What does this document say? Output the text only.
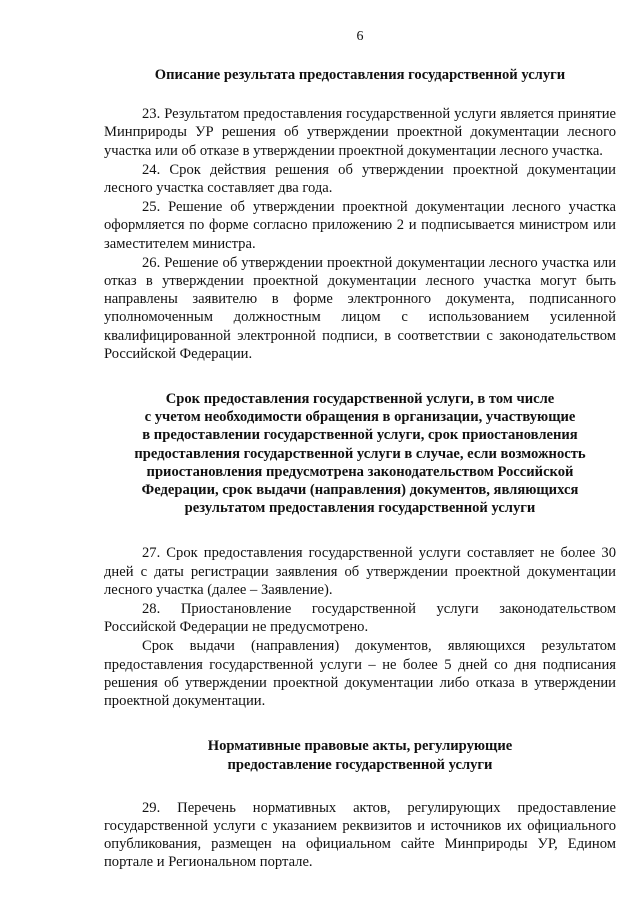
6
Описание результата предоставления государственной услуги

23. Результатом предоставления государственной услуги является принятие Минприроды УР решения об утверждении проектной документации лесного участка или об отказе в утверждении проектной документации лесного участка.

24. Срок действия решения об утверждении проектной документации лесного участка составляет два года.

25. Решение об утверждении проектной документации лесного участка оформляется по форме согласно приложению 2 и подписывается министром или заместителем министра.

26. Решение об утверждении проектной документации лесного участка или отказ в утверждении проектной документации лесного участка могут быть направлены заявителю в форме электронного документа, подписанного уполномоченным должностным лицом с использованием усиленной квалифицированной электронной подписи, в соответствии с законодательством Российской Федерации.

Срок предоставления государственной услуги, в том числе
с учетом необходимости обращения в организации, участвующие
в предоставлении государственной услуги, срок приостановления
предоставления государственной услуги в случае, если возможность
приостановления предусмотрена законодательством Российской
Федерации, срок выдачи (направления) документов, являющихся
результатом предоставления государственной услуги

27. Срок предоставления государственной услуги составляет не более 30 дней с даты регистрации заявления об утверждении проектной документации лесного участка (далее – Заявление).

28. Приостановление государственной услуги законодательством Российской Федерации не предусмотрено.

Срок выдачи (направления) документов, являющихся результатом предоставления государственной услуги – не более 5 дней со дня подписания решения об утверждении проектной документации либо отказа в утверждении проектной документации.

Нормативные правовые акты, регулирующие
предоставление государственной услуги

29. Перечень нормативных актов, регулирующих предоставление государственной услуги с указанием реквизитов и источников их официального опубликования, размещен на официальном сайте Минприроды УР, Едином портале и Региональном портале.
